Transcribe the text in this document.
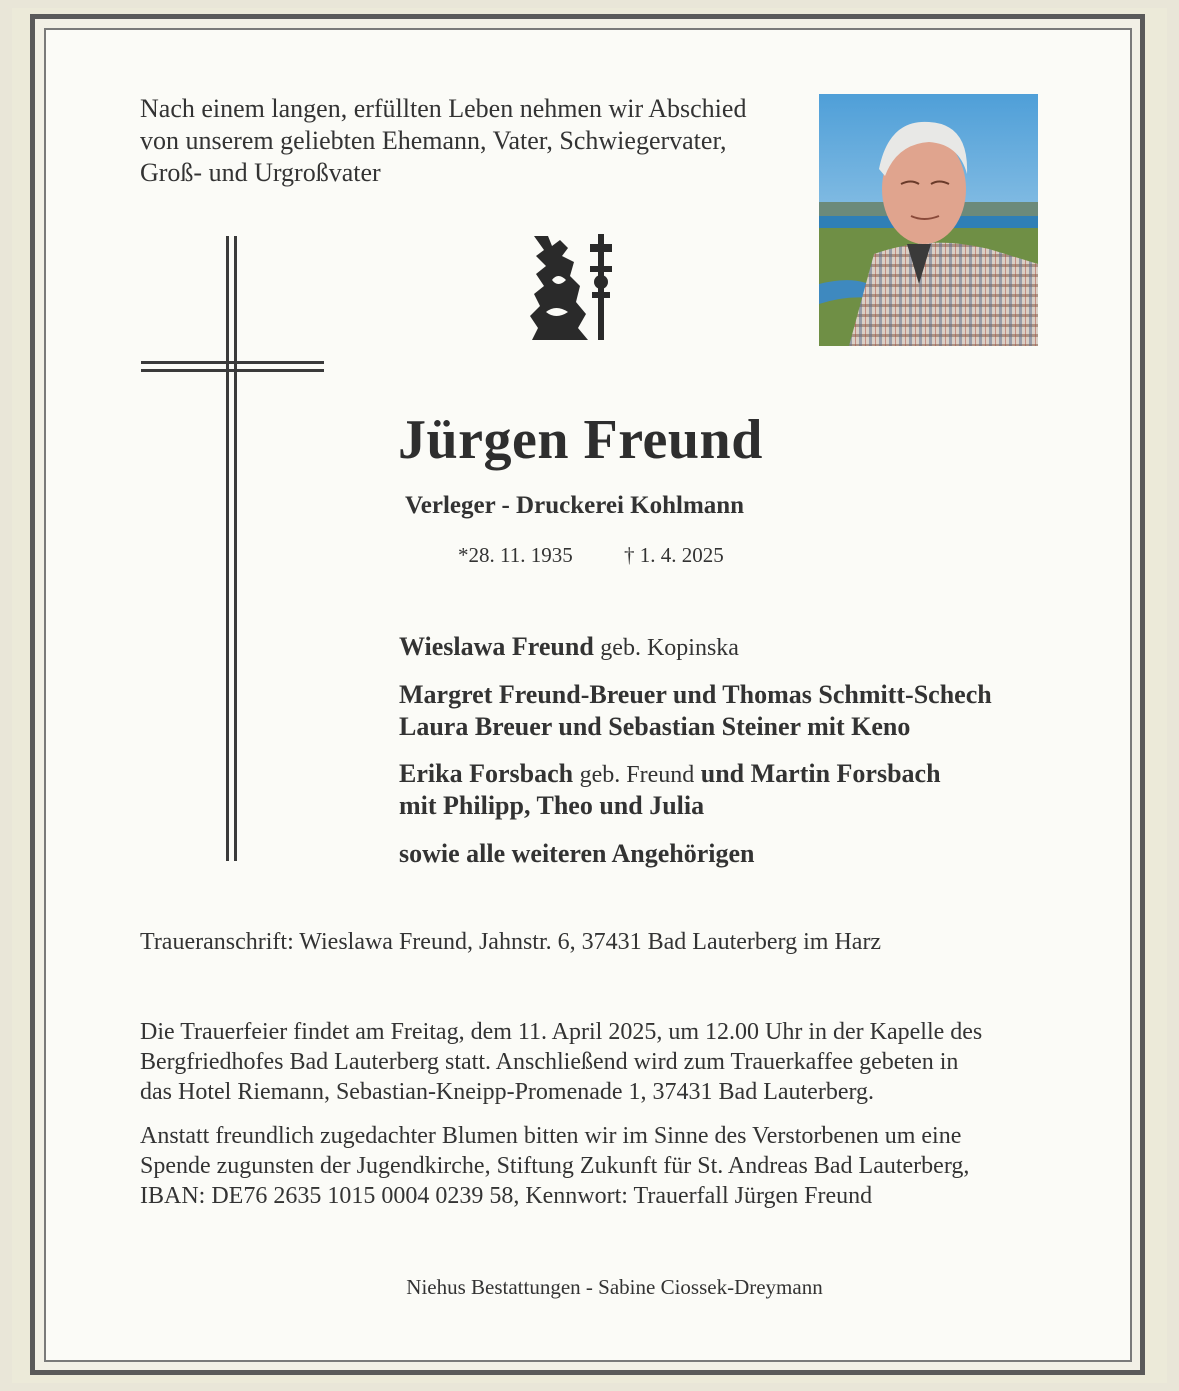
Nach einem langen, erfüllten Leben nehmen wir Abschied
von unserem geliebten Ehemann, Vater, Schwiegervater,
Groß- und Urgroßvater
Jürgen Freund
Verleger - Druckerei Kohlmann
*28. 11. 1935 † 1. 4. 2025
Wieslawa Freund geb. Kopinska
Margret Freund-Breuer und Thomas Schmitt-Schech
Laura Breuer und Sebastian Steiner mit Keno
Erika Forsbach geb. Freund und Martin Forsbach
mit Philipp, Theo und Julia
sowie alle weiteren Angehörigen
Traueranschrift: Wieslawa Freund, Jahnstr. 6, 37431 Bad Lauterberg im Harz
Die Trauerfeier findet am Freitag, dem 11. April 2025, um 12.00 Uhr in der Kapelle des
Bergfriedhofes Bad Lauterberg statt. Anschließend wird zum Trauerkaffee gebeten in
das Hotel Riemann, Sebastian-Kneipp-Promenade 1, 37431 Bad Lauterberg.
Anstatt freundlich zugedachter Blumen bitten wir im Sinne des Verstorbenen um eine
Spende zugunsten der Jugendkirche, Stiftung Zukunft für St. Andreas Bad Lauterberg,
IBAN: DE76 2635 1015 0004 0239 58, Kennwort: Trauerfall Jürgen Freund
Niehus Bestattungen - Sabine Ciossek-Dreymann
